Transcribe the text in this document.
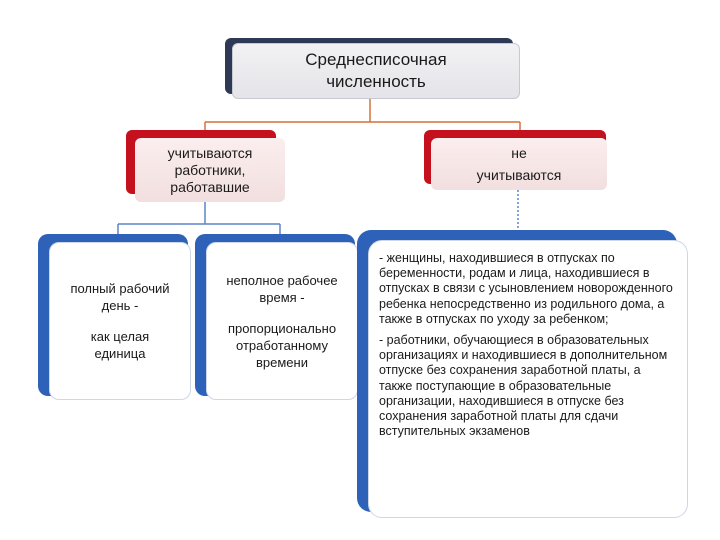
Среднесписочная
численность
учитываются
работники,
работавшие
не
учитываются
полный рабочий
день -
как целая
единица
неполное рабочее
время -
пропорционально
отработанному
времени

- женщины, находившиеся в отпусках по беременности, родам и лица, находившиеся в отпусках в связи с усыновлением новорожденного ребенка непосредственно из родильного дома, а также в отпусках по уходу за ребенком;

- работники, обучающиеся в образовательных организациях и находившиеся в дополнительном отпуске без сохранения заработной платы, а также поступающие в образовательные организации, находившиеся в отпуске без сохранения заработной платы для сдачи вступительных экзаменов
